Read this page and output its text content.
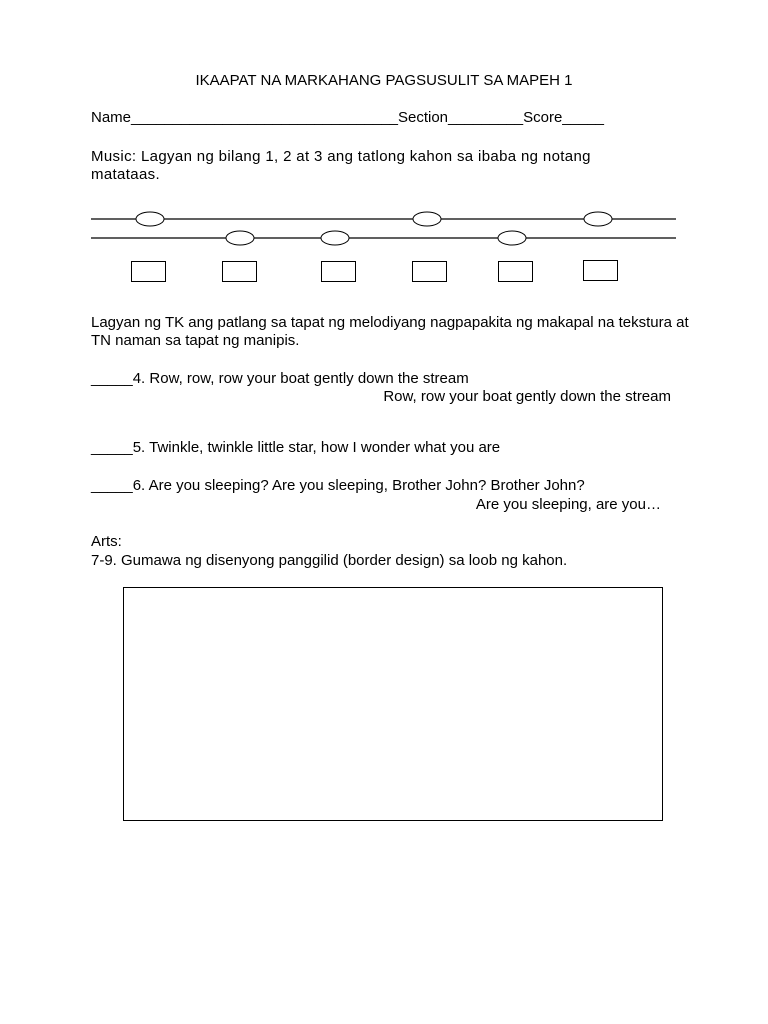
IKAAPAT NA MARKAHANG PAGSUSULIT SA MAPEH 1
Name________________________________Section_________Score_____
Music: Lagyan ng bilang 1, 2 at 3 ang tatlong kahon sa ibaba ng notang
matataas.
Lagyan ng TK ang patlang sa tapat ng melodiyang nagpapakita ng makapal na tekstura at TN naman sa tapat ng manipis.
_____4. Row, row, row your boat gently down the stream
Row, row your boat gently down the stream
_____5. Twinkle, twinkle little star, how I wonder what you are
_____6. Are you sleeping? Are you sleeping, Brother John? Brother John?
Are you sleeping, are you…
Arts:
7-9. Gumawa ng disenyong panggilid (border design) sa loob ng kahon.
